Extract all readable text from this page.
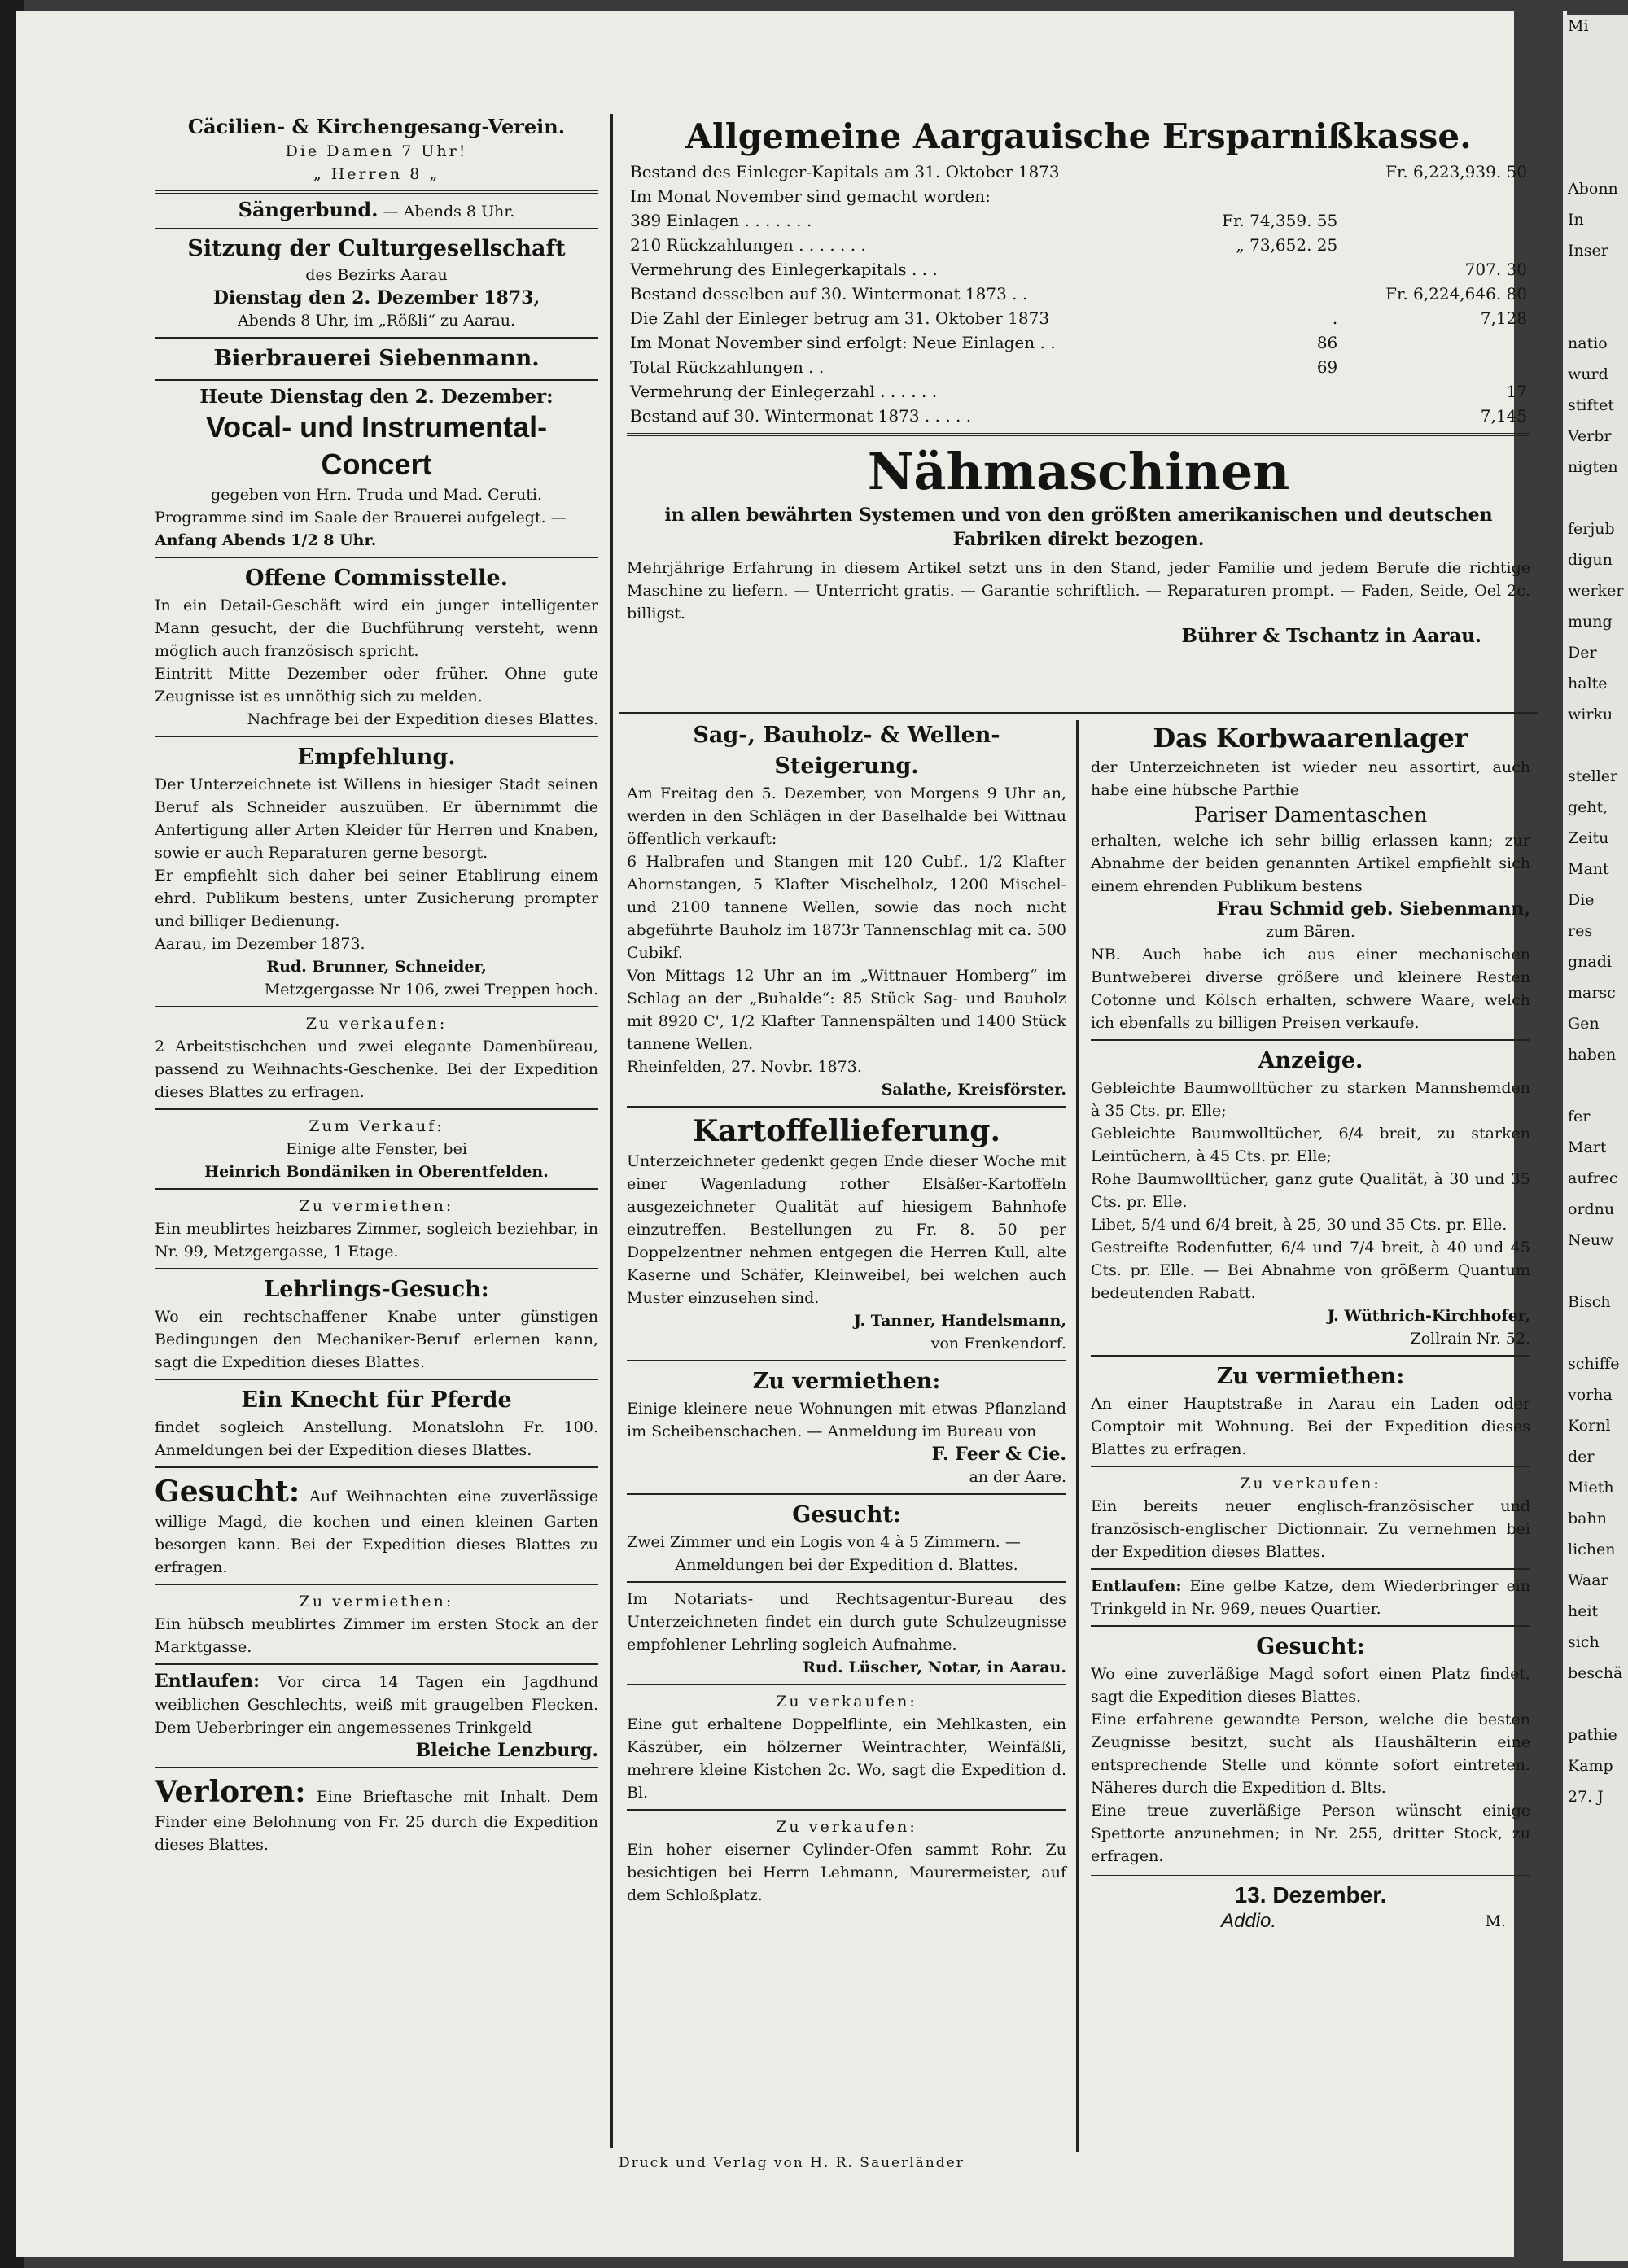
Mi
Abonn
In
Inser
natio
wurd
stiftet
Verbr
nigten
ferjub
digun
werker
mung
Der
halte
wirku
steller
geht,
Zeitu
Mant
Die
res
gnadi
marsc
Gen
haben
fer
Mart
aufrec
ordnu
Neuw
Bisch
schiffe
vorha
Kornl
der
Mieth
bahn
lichen
Waar
heit
sich
beschä
pathie
Kamp
27. J
Cäcilien- & Kirchengesang-Verein.
Die Damen 7 Uhr!
„ Herren 8 „
Sängerbund. — Abends 8 Uhr.
Sitzung der Culturgesellschaft
des Bezirks Aarau
Dienstag den 2. Dezember 1873,
Abends 8 Uhr, im „Rößli“ zu Aarau.
Bierbrauerei Siebenmann.
Heute Dienstag den 2. Dezember:
Vocal- und Instrumental-
Concert
gegeben von Hrn. Truda und Mad. Ceruti.
Programme sind im Saale der Brauerei aufgelegt. —
Anfang Abends 1/2 8 Uhr.
Offene Commisstelle.
In ein Detail-Geschäft wird ein junger intelligenter Mann gesucht, der die Buchführung versteht, wenn möglich auch französisch spricht.
Eintritt Mitte Dezember oder früher. Ohne gute Zeugnisse ist es unnöthig sich zu melden.
Nachfrage bei der Expedition dieses Blattes.
Empfehlung.
Der Unterzeichnete ist Willens in hiesiger Stadt seinen Beruf als Schneider auszuüben. Er übernimmt die Anfertigung aller Arten Kleider für Herren und Knaben, sowie er auch Reparaturen gerne besorgt.
Er empfiehlt sich daher bei seiner Etablirung einem ehrd. Publikum bestens, unter Zusicherung prompter und billiger Bedienung.
Aarau, im Dezember 1873.
Rud. Brunner, Schneider,
Metzgergasse Nr 106, zwei Treppen hoch.
Zu verkaufen:
2 Arbeitstischchen und zwei elegante Damenbüreau, passend zu Weihnachts-Geschenke. Bei der Expedition dieses Blattes zu erfragen.
Zum Verkauf:
Einige alte Fenster, bei
Heinrich Bondäniken in Oberentfelden.
Zu vermiethen:
Ein meublirtes heizbares Zimmer, sogleich beziehbar, in Nr. 99, Metzgergasse, 1 Etage.
Lehrlings-Gesuch:
Wo ein rechtschaffener Knabe unter günstigen Bedingungen den Mechaniker-Beruf erlernen kann, sagt die Expedition dieses Blattes.
Ein Knecht für Pferde
findet sogleich Anstellung. Monatslohn Fr. 100. Anmeldungen bei der Expedition dieses Blattes.
Gesucht: Auf Weihnachten eine zuverlässige willige Magd, die kochen und einen kleinen Garten besorgen kann. Bei der Expedition dieses Blattes zu erfragen.
Zu vermiethen:
Ein hübsch meublirtes Zimmer im ersten Stock an der Marktgasse.
Entlaufen: Vor circa 14 Tagen ein Jagdhund weiblichen Geschlechts, weiß mit graugelben Flecken. Dem Ueberbringer ein angemessenes Trinkgeld
Bleiche Lenzburg.
Verloren: Eine Brieftasche mit Inhalt. Dem Finder eine Belohnung von Fr. 25 durch die Expedition dieses Blattes.
Allgemeine Aargauische Ersparnißkasse.
Bestand des Einleger-Kapitals am 31. Oktober 1873		Fr. 6,223,939. 50
Im Monat November sind gemacht worden:		
389 Einlagen . . . . . . .	Fr. 74,359. 55	
210 Rückzahlungen . . . . . . .	„ 73,652. 25	
Vermehrung des Einlegerkapitals . . .		707. 30
Bestand desselben auf 30. Wintermonat 1873 . .		Fr. 6,224,646. 80
Die Zahl der Einleger betrug am 31. Oktober 1873	.	7,128
Im Monat November sind erfolgt: Neue Einlagen . .	86	
Total Rückzahlungen . .	69	
Vermehrung der Einlegerzahl . . . . . .		17
Bestand auf 30. Wintermonat 1873 . . . . .		7,145
Nähmaschinen
in allen bewährten Systemen und von den größten amerikanischen und deutschen Fabriken direkt bezogen.
Mehrjährige Erfahrung in diesem Artikel setzt uns in den Stand, jeder Familie und jedem Berufe die richtige Maschine zu liefern. — Unterricht gratis. — Garantie schriftlich. — Reparaturen prompt. — Faden, Seide, Oel 2c. billigst.
Bührer & Tschantz in Aarau.
Sag-, Bauholz- & Wellen-
Steigerung.
Am Freitag den 5. Dezember, von Morgens 9 Uhr an, werden in den Schlägen in der Baselhalde bei Wittnau öffentlich verkauft:
6 Halbrafen und Stangen mit 120 Cubf., 1/2 Klafter Ahornstangen, 5 Klafter Mischelholz, 1200 Mischel- und 2100 tannene Wellen, sowie das noch nicht abgeführte Bauholz im 1873r Tannenschlag mit ca. 500 Cubikf.
Von Mittags 12 Uhr an im „Wittnauer Homberg“ im Schlag an der „Buhalde“: 85 Stück Sag- und Bauholz mit 8920 C', 1/2 Klafter Tannenspälten und 1400 Stück tannene Wellen.
Rheinfelden, 27. Novbr. 1873.
Salathe, Kreisförster.
Kartoffellieferung.
Unterzeichneter gedenkt gegen Ende dieser Woche mit einer Wagenladung rother Elsäßer-Kartoffeln ausgezeichneter Qualität auf hiesigem Bahnhofe einzutreffen. Bestellungen zu Fr. 8. 50 per Doppelzentner nehmen entgegen die Herren Kull, alte Kaserne und Schäfer, Kleinweibel, bei welchen auch Muster einzusehen sind.
J. Tanner, Handelsmann,
von Frenkendorf.
Zu vermiethen:
Einige kleinere neue Wohnungen mit etwas Pflanzland im Scheibenschachen. — Anmeldung im Bureau von
F. Feer & Cie.
an der Aare.
Gesucht:
Zwei Zimmer und ein Logis von 4 à 5 Zimmern. —
Anmeldungen bei der Expedition d. Blattes.
Im Notariats- und Rechtsagentur-Bureau des Unterzeichneten findet ein durch gute Schulzeugnisse empfohlener Lehrling sogleich Aufnahme.
Rud. Lüscher, Notar, in Aarau.
Zu verkaufen:
Eine gut erhaltene Doppelflinte, ein Mehlkasten, ein Käszüber, ein hölzerner Weintrachter, Weinfäßli, mehrere kleine Kistchen 2c. Wo, sagt die Expedition d. Bl.
Zu verkaufen:
Ein hoher eiserner Cylinder-Ofen sammt Rohr. Zu besichtigen bei Herrn Lehmann, Maurermeister, auf dem Schloßplatz.
Das Korbwaarenlager
der Unterzeichneten ist wieder neu assortirt, auch habe eine hübsche Parthie
Pariser Damentaschen
erhalten, welche ich sehr billig erlassen kann; zur Abnahme der beiden genannten Artikel empfiehlt sich einem ehrenden Publikum bestens
Frau Schmid geb. Siebenmann,
zum Bären.
NB. Auch habe ich aus einer mechanischen Buntweberei diverse größere und kleinere Resten Cotonne und Kölsch erhalten, schwere Waare, welch ich ebenfalls zu billigen Preisen verkaufe.
Anzeige.
Gebleichte Baumwolltücher zu starken Mannshemden à 35 Cts. pr. Elle;
Gebleichte Baumwolltücher, 6/4 breit, zu starken Leintüchern, à 45 Cts. pr. Elle;
Rohe Baumwolltücher, ganz gute Qualität, à 30 und 35 Cts. pr. Elle.
Libet, 5/4 und 6/4 breit, à 25, 30 und 35 Cts. pr. Elle.
Gestreifte Rodenfutter, 6/4 und 7/4 breit, à 40 und 45 Cts. pr. Elle. — Bei Abnahme von größerm Quantum bedeutenden Rabatt.
J. Wüthrich-Kirchhofer,
Zollrain Nr. 52.
Zu vermiethen:
An einer Hauptstraße in Aarau ein Laden oder Comptoir mit Wohnung. Bei der Expedition dieses Blattes zu erfragen.
Zu verkaufen:
Ein bereits neuer englisch-französischer und französisch-englischer Dictionnair. Zu vernehmen bei der Expedition dieses Blattes.
Entlaufen: Eine gelbe Katze, dem Wiederbringer ein Trinkgeld in Nr. 969, neues Quartier.
Gesucht:
Wo eine zuverläßige Magd sofort einen Platz findet, sagt die Expedition dieses Blattes.
Eine erfahrene gewandte Person, welche die besten Zeugnisse besitzt, sucht als Haushälterin eine entsprechende Stelle und könnte sofort eintreten. Näheres durch die Expedition d. Blts.
Eine treue zuverläßige Person wünscht einige Spettorte anzunehmen; in Nr. 255, dritter Stock, zu erfragen.
13. Dezember.
Addio.	M.
Druck und Verlag von H. R. Sauerländer
